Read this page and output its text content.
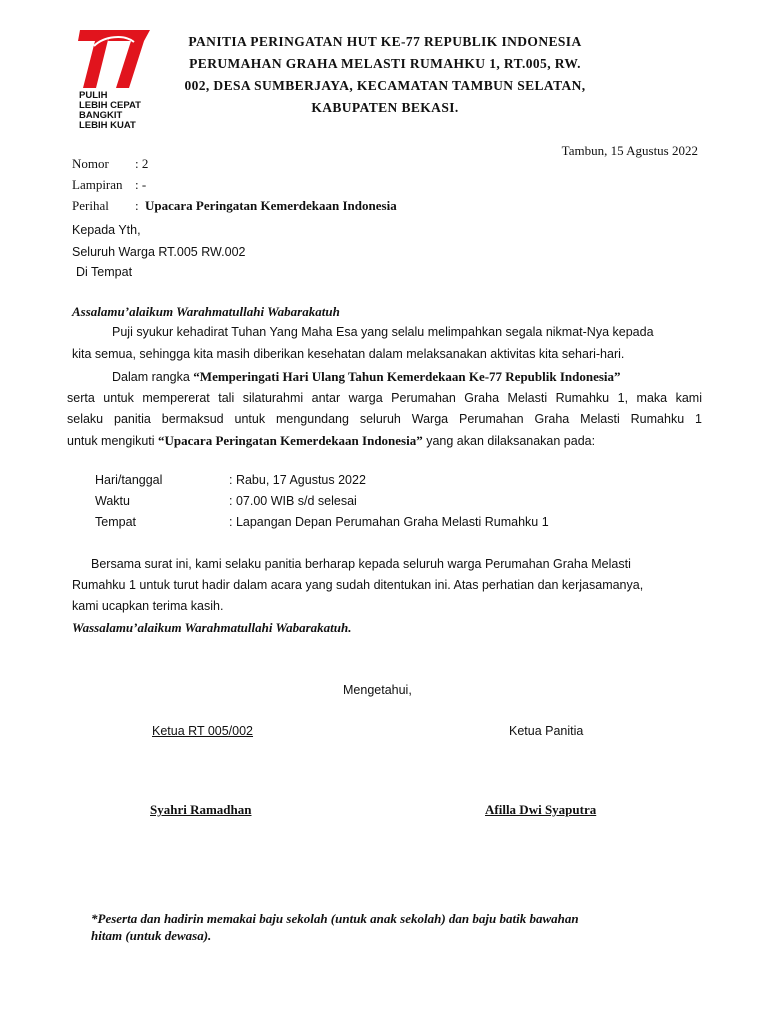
PULIH
LEBIH CEPAT
BANGKIT
LEBIH KUAT
PANITIA PERINGATAN HUT KE-77 REPUBLIK INDONESIA
PERUMAHAN GRAHA MELASTI RUMAHKU 1, RT.005, RW.
002, DESA SUMBERJAYA, KECAMATAN TAMBUN SELATAN,
KABUPATEN BEKASI.
Tambun, 15 Agustus 2022
Nomor : 2
Lampiran : -
Perihal : Upacara Peringatan Kemerdekaan Indonesia
Kepada Yth,
Seluruh Warga RT.005 RW.002
Di Tempat
Assalamu’alaikum Warahmatullahi Wabarakatuh
Puji syukur kehadirat Tuhan Yang Maha Esa yang selalu melimpahkan segala nikmat-Nya kepada
kita semua, sehingga kita masih diberikan kesehatan dalam melaksanakan aktivitas kita sehari-hari.
Dalam rangka “Memperingati Hari Ulang Tahun Kemerdekaan Ke-77 Republik Indonesia”
serta untuk mempererat tali silaturahmi antar warga Perumahan Graha Melasti Rumahku 1, maka kami
selaku panitia bermaksud untuk mengundang seluruh Warga Perumahan Graha Melasti Rumahku 1
untuk mengikuti “Upacara Peringatan Kemerdekaan Indonesia” yang akan dilaksanakan pada:
Hari/tanggal	: Rabu, 17 Agustus 2022
Waktu	: 07.00 WIB s/d selesai
Tempat	: Lapangan Depan Perumahan Graha Melasti Rumahku 1
Bersama surat ini, kami selaku panitia berharap kepada seluruh warga Perumahan Graha Melasti
Rumahku 1 untuk turut hadir dalam acara yang sudah ditentukan ini. Atas perhatian dan kerjasamanya,
kami ucapkan terima kasih.
Wassalamu’alaikum Warahmatullahi Wabarakatuh.
Mengetahui,
Ketua RT 005/002	Ketua Panitia
Syahri Ramadhan	Afilla Dwi Syaputra
*Peserta dan hadirin memakai baju sekolah (untuk anak sekolah) dan baju batik bawahan
hitam (untuk dewasa).
